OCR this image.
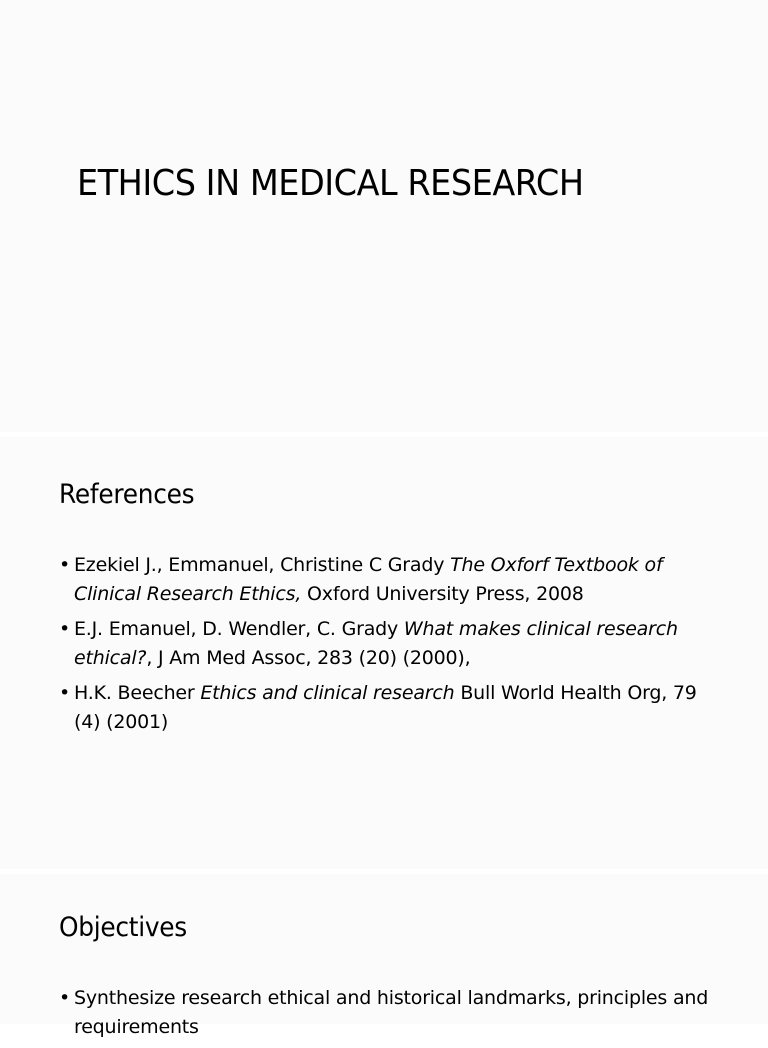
ETHICS IN MEDICAL RESEARCH
References
• Ezekiel J., Emmanuel, Christine C Grady The Oxforf Textbook of Clinical Research Ethics, Oxford University Press, 2008
• E.J. Emanuel, D. Wendler, C. Grady What makes clinical research ethical?, J Am Med Assoc, 283 (20) (2000),
• H.K. Beecher Ethics and clinical research Bull World Health Org, 79 (4) (2001)
Objectives
• Synthesize research ethical and historical landmarks, principles and requirements
